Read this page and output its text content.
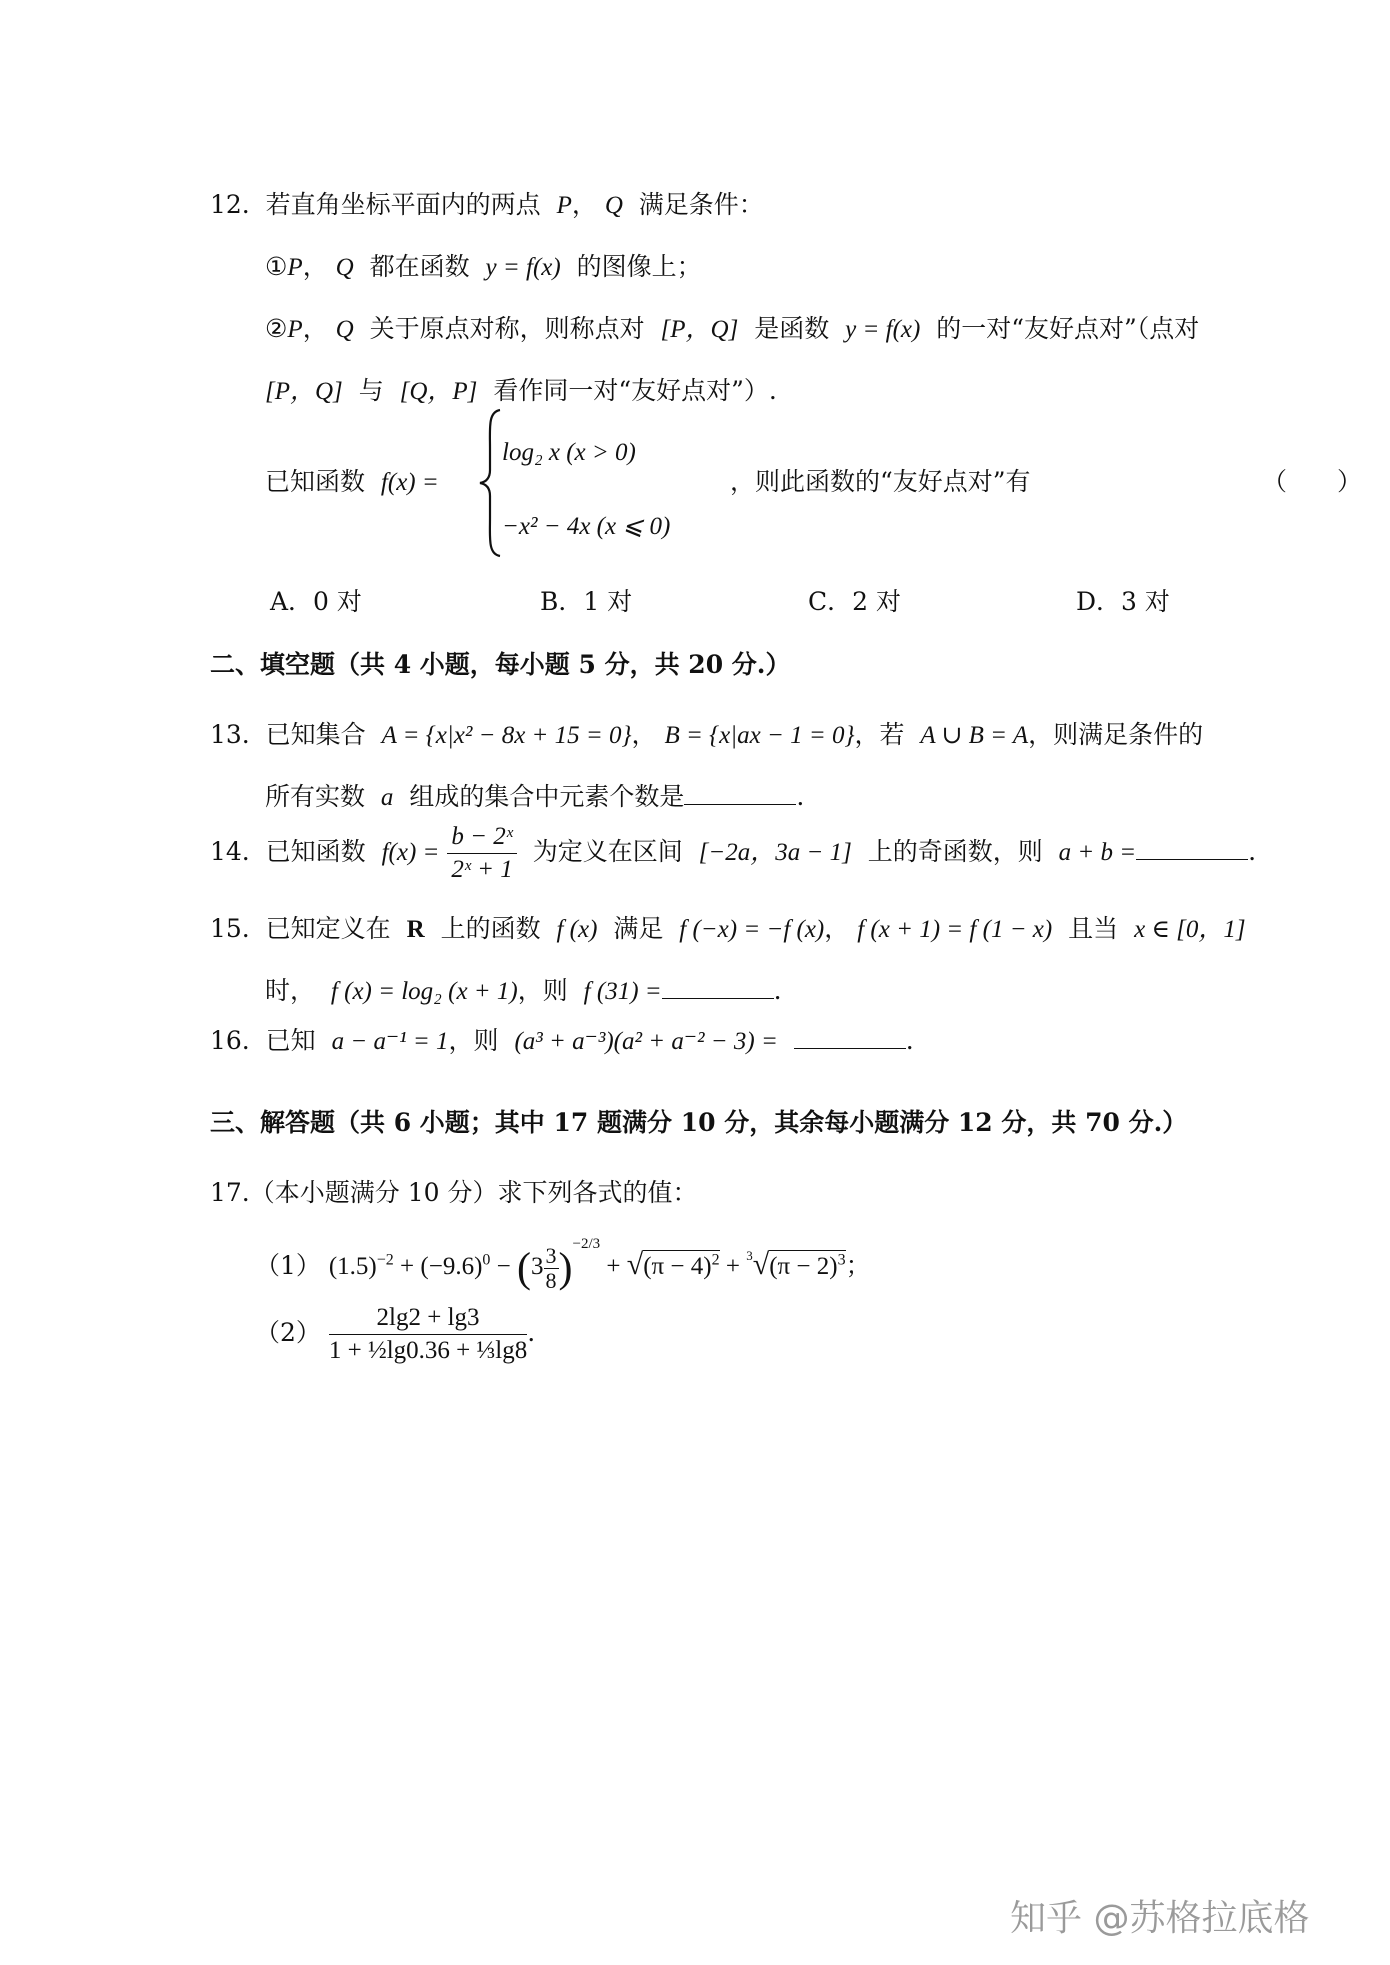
12. 若直角坐标平面内的两点 P， Q 满足条件：
①P， Q 都在函数 y = f(x) 的图像上；
②P， Q 关于原点对称，则称点对 [P，Q] 是函数 y = f(x) 的一对“友好点对”（点对
[P，Q] 与 [Q，P] 看作同一对“友好点对”）.
已知函数 f(x) =
log₂ x (x > 0)
−x² − 4x (x ⩽ 0)
，则此函数的“友好点对”有	（　　）
A．0 对	B．1 对	C．2 对	D．3 对
二、填空题（共 4 小题，每小题 5 分，共 20 分.）
13. 已知集合 A = {x|x² − 8x + 15 = 0}， B = {x|ax − 1 = 0}，若 A ∪ B = A，则满足条件的
所有实数 a 组成的集合中元素个数是	.
14. 已知函数 $f(x) = \frac{\text{b − 2ˣ}}{\text{2ˣ + 1}}$ 为定义在区间 [−2a，3a − 1] 上的奇函数，则 a + b =	.
15. 已知定义在 R 上的函数 f (x) 满足 f (−x) = −f (x)， f (x + 1) = f (1 − x) 且当 x ∈ [0，1]
时， f (x) = log₂ (x + 1)，则 f (31) =	.
16. 已知 a − a⁻¹ = 1，则 (a³ + a⁻³)(a² + a⁻² − 3) =	.
三、解答题（共 6 小题；其中 17 题满分 10 分，其余每小题满分 12 分，共 70 分.）
17.（本小题满分 10 分）求下列各式的值：
（1） $(1.5)^{-2} + (-9.6)^0 - (3 \frac{3}{8} )^{-2/3} + √(\pi - 4)^2 + ^3√(\pi - 2)^3$；
$(2) \frac{2\lg 2 + \lg 3}{\text{1 + ½lg0.36 + ⅓lg8}}$ .
知乎 @苏格拉底格
